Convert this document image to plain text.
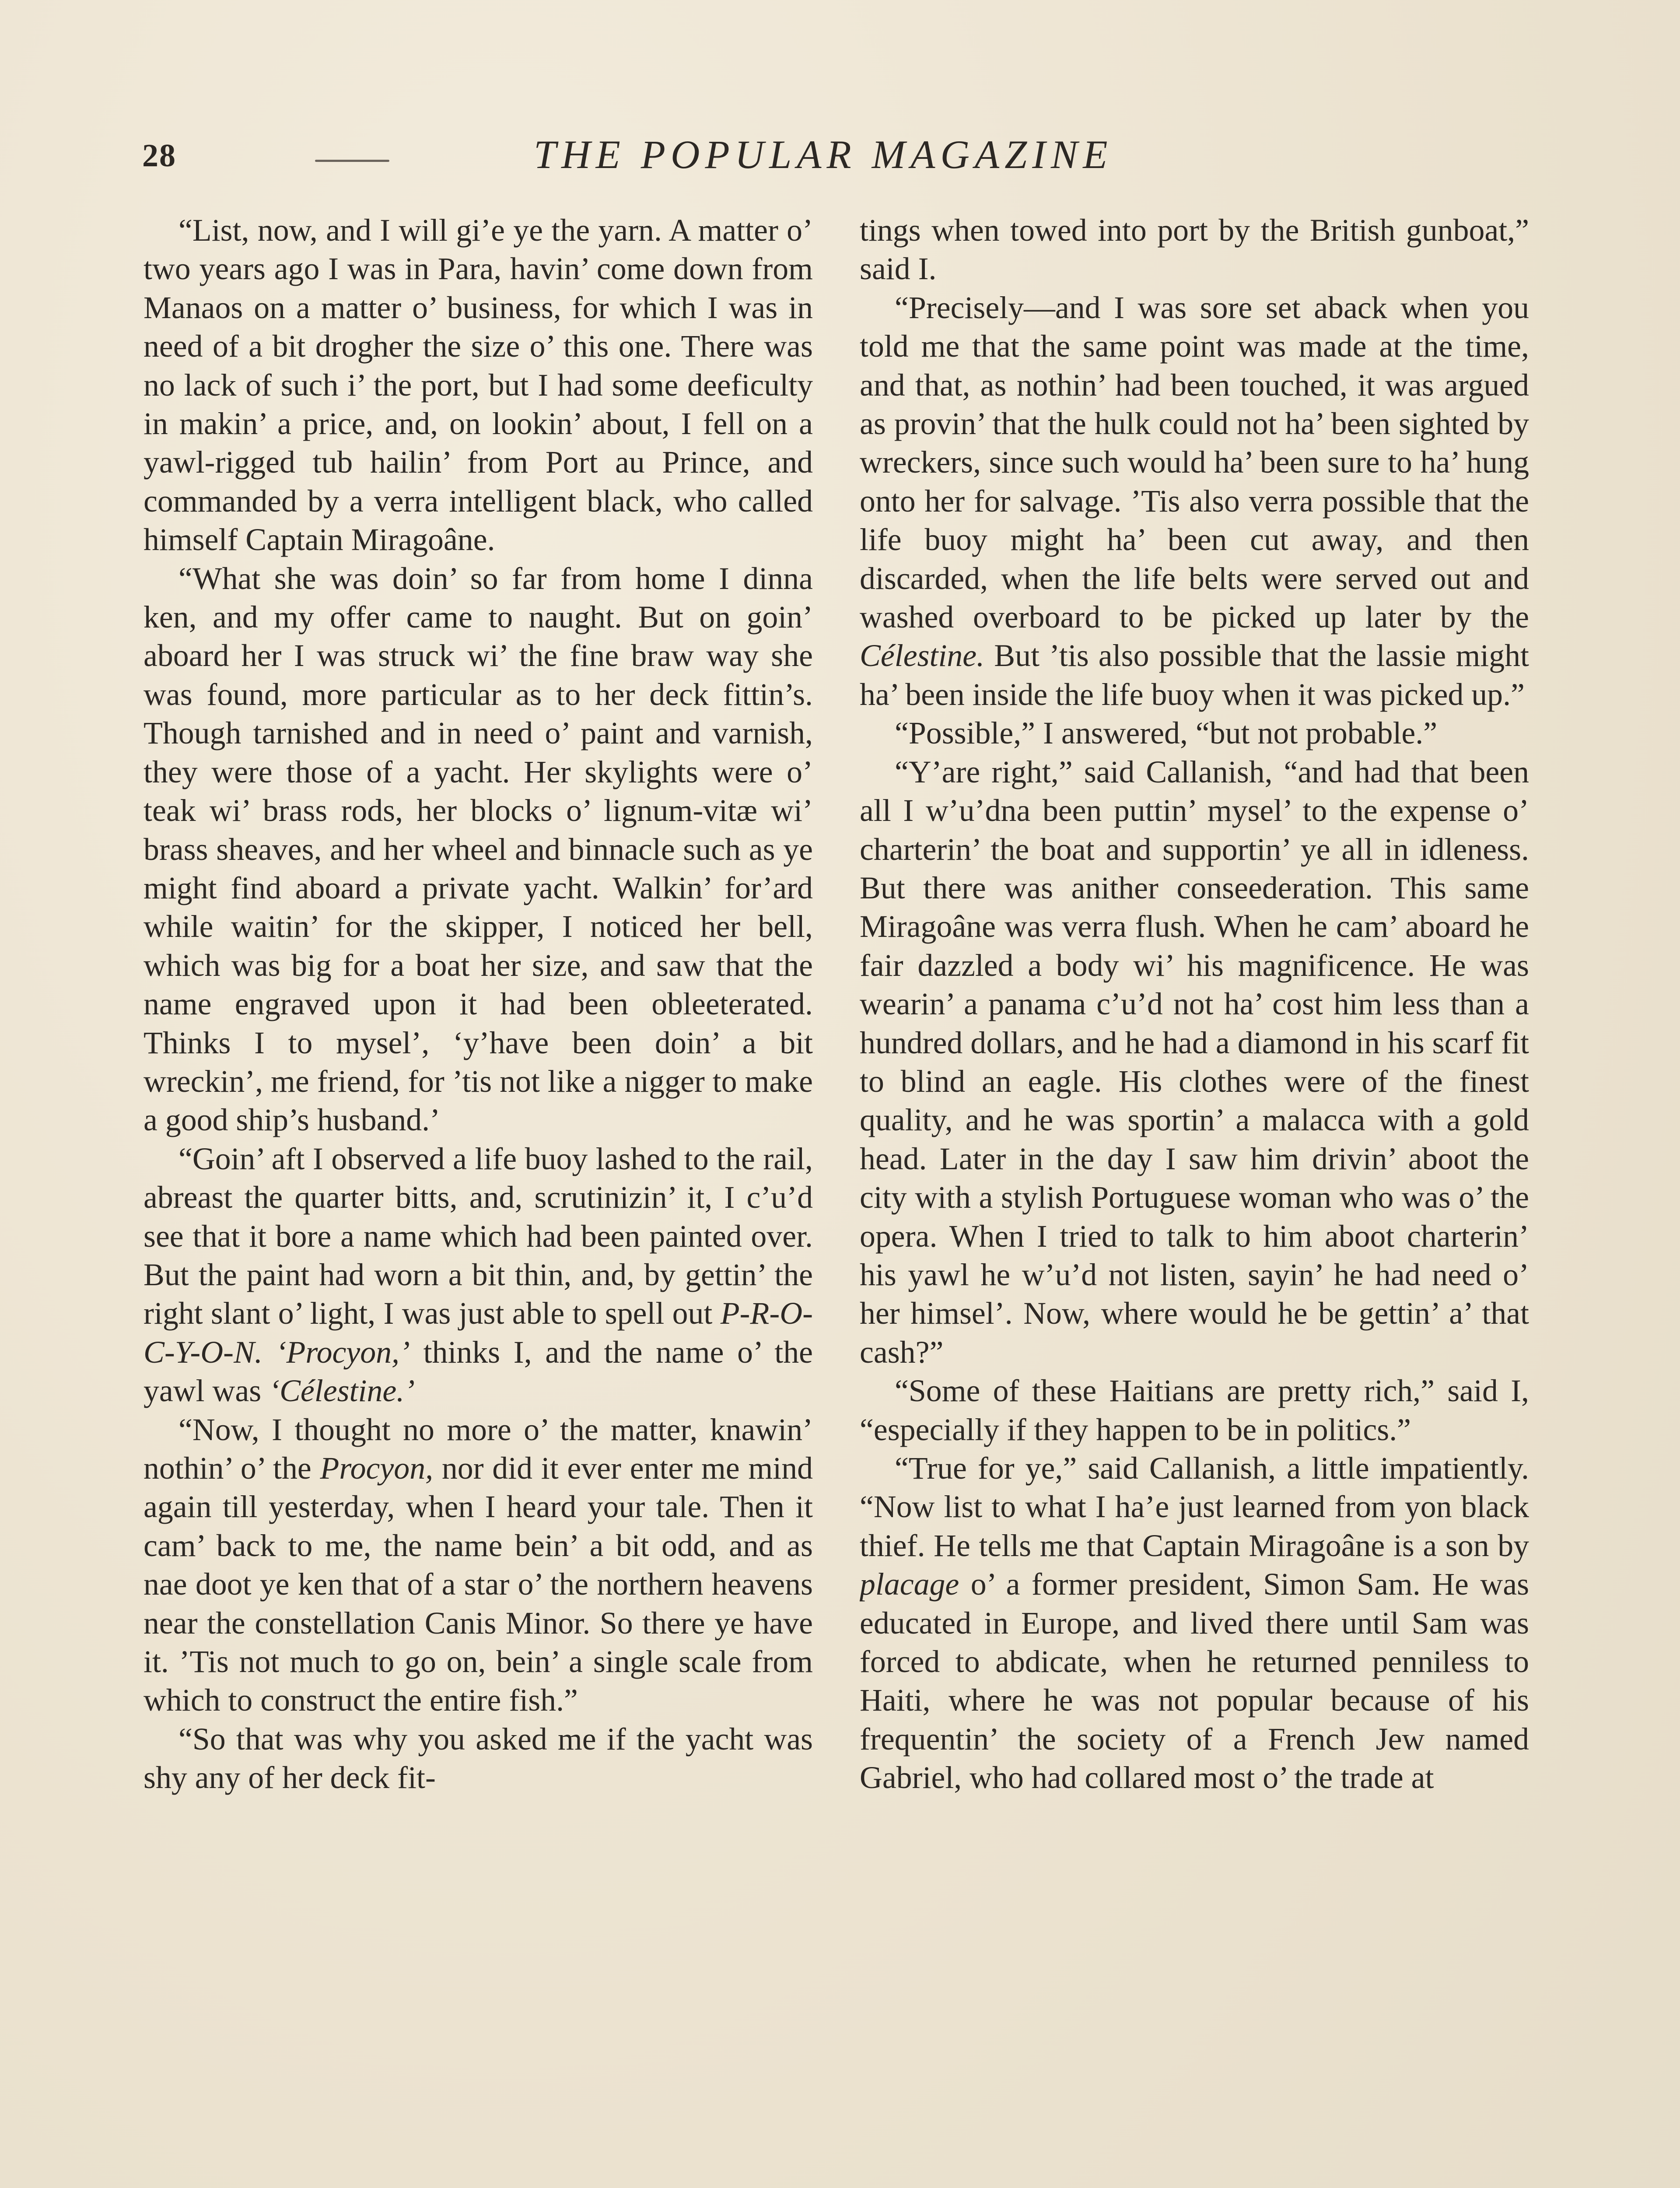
28	THE POPULAR MAGAZINE

“List, now, and I will gi’e ye the yarn. A matter o’ two years ago I was in Para, havin’ come down from Manaos on a matter o’ business, for which I was in need of a bit drogher the size o’ this one. There was no lack of such i’ the port, but I had some deeficulty in makin’ a price, and, on lookin’ about, I fell on a yawl-rigged tub hailin’ from Port au Prince, and commanded by a verra intelligent black, who called himself Captain Miragoâne.

“What she was doin’ so far from home I dinna ken, and my offer came to naught. But on goin’ aboard her I was struck wi’ the fine braw way she was found, more particular as to her deck fittin’s. Though tarnished and in need o’ paint and varnish, they were those of a yacht. Her skylights were o’ teak wi’ brass rods, her blocks o’ lignum-vitæ wi’ brass sheaves, and her wheel and binnacle such as ye might find aboard a private yacht. Walkin’ for’ard while waitin’ for the skipper, I noticed her bell, which was big for a boat her size, and saw that the name engraved upon it had been obleeterated. Thinks I to mysel’, ‘y’have been doin’ a bit wreckin’, me friend, for ’tis not like a nigger to make a good ship’s husband.’

“Goin’ aft I observed a life buoy lashed to the rail, abreast the quarter bitts, and, scrutinizin’ it, I c’u’d see that it bore a name which had been painted over. But the paint had worn a bit thin, and, by gettin’ the right slant o’ light, I was just able to spell out P-R-O-C-Y-O-N. ‘Procyon,’ thinks I, and the name o’ the yawl was ‘Célestine.’

“Now, I thought no more o’ the matter, knawin’ nothin’ o’ the Procyon, nor did it ever enter me mind again till yesterday, when I heard your tale. Then it cam’ back to me, the name bein’ a bit odd, and as nae doot ye ken that of a star o’ the northern heavens near the constellation Canis Minor. So there ye have it. ’Tis not much to go on, bein’ a single scale from which to construct the entire fish.”

“So that was why you asked me if the yacht was shy any of her deck fit-

tings when towed into port by the British gunboat,” said I.

“Precisely—and I was sore set aback when you told me that the same point was made at the time, and that, as nothin’ had been touched, it was argued as provin’ that the hulk could not ha’ been sighted by wreckers, since such would ha’ been sure to ha’ hung onto her for salvage. ’Tis also verra possible that the life buoy might ha’ been cut away, and then discarded, when the life belts were served out and washed overboard to be picked up later by the Célestine. But ’tis also possible that the lassie might ha’ been inside the life buoy when it was picked up.”

“Possible,” I answered, “but not probable.”

“Y’are right,” said Callanish, “and had that been all I w’u’dna been puttin’ mysel’ to the expense o’ charterin’ the boat and supportin’ ye all in idleness. But there was anither conseederation. This same Miragoâne was verra flush. When he cam’ aboard he fair dazzled a body wi’ his magnificence. He was wearin’ a panama c’u’d not ha’ cost him less than a hundred dollars, and he had a diamond in his scarf fit to blind an eagle. His clothes were of the finest quality, and he was sportin’ a malacca with a gold head. Later in the day I saw him drivin’ aboot the city with a stylish Portuguese woman who was o’ the opera. When I tried to talk to him aboot charterin’ his yawl he w’u’d not listen, sayin’ he had need o’ her himsel’. Now, where would he be gettin’ a’ that cash?”

“Some of these Haitians are pretty rich,” said I, “especially if they happen to be in politics.”

“True for ye,” said Callanish, a little impatiently. “Now list to what I ha’e just learned from yon black thief. He tells me that Captain Miragoâne is a son by placage o’ a former president, Simon Sam. He was educated in Europe, and lived there until Sam was forced to abdicate, when he returned penniless to Haiti, where he was not popular because of his frequentin’ the society of a French Jew named Gabriel, who had collared most o’ the trade at
